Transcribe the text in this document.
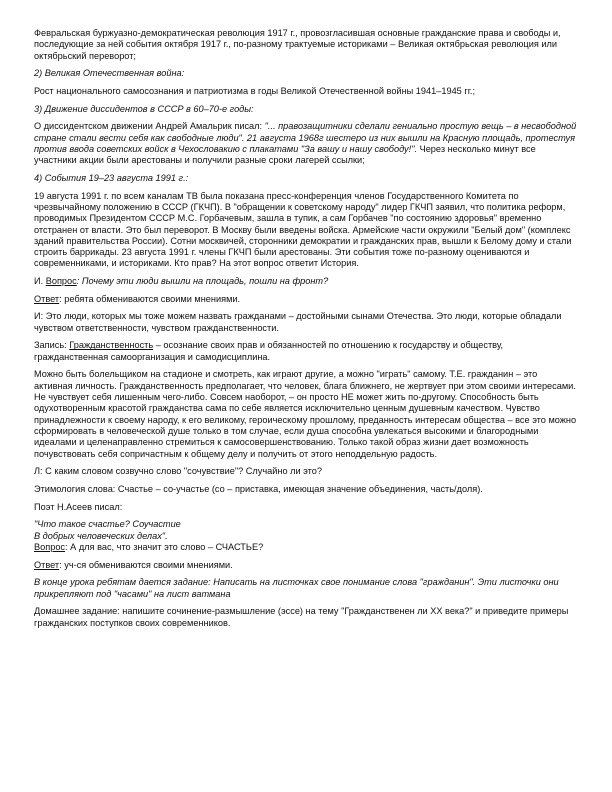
Февральская буржуазно-демократическая революция 1917 г., провозгласившая основные гражданские права и свободы и, последующие за ней события октября 1917 г., по-разному трактуемые историками – Великая октябрьская революция или октябрьский переворот;

2) Великая Отечественная война:

Рост национального самосознания и патриотизма в годы Великой Отечественной войны 1941–1945 гг.;

3) Движение диссидентов в СССР в 60–70-е годы:

О диссидентском движении Андрей Амальрик писал: "... правозащитники сделали гениально простую вещь – в несвободной стране стали вести себя как свободные люди". 21 августа 1968г шестеро из них вышли на Красную площадь, протестуя против ввода советских войск в Чехословакию с плакатами "За вашу и нашу свободу!". Через несколько минут все участники акции были арестованы и получили разные сроки лагерей ссылки;

4) События 19–23 августа 1991 г.:

19 августа 1991 г. по всем каналам ТВ была показана пресс-конференция членов Государственного Комитета по чрезвычайному положению в СССР (ГКЧП). В "обращении к советскому народу" лидер ГКЧП заявил, что политика реформ, проводимых Президентом СССР М.С. Горбачевым, зашла в тупик, а сам Горбачев "по состоянию здоровья" временно отстранен от власти. Это был переворот. В Москву были введены войска. Армейские части окружили "Белый дом" (комплекс зданий правительства России). Сотни москвичей, сторонники демократии и гражданских прав, вышли к Белому дому и стали строить баррикады. 23 августа 1991 г. члены ГКЧП были арестованы. Эти события тоже по-разному оцениваются и современниками, и историками. Кто прав? На этот вопрос ответит История.

И. Вопрос: Почему эти люди вышли на площадь, пошли на фронт?

Ответ: ребята обмениваются своими мнениями.

И: Это люди, которых мы тоже можем назвать гражданами – достойными сынами Отечества. Это люди, которые обладали чувством ответственности, чувством гражданственности.

Запись: Гражданственность – осознание своих прав и обязанностей по отношению к государству и обществу, гражданственная самоорганизация и самодисциплина.

Можно быть болельщиком на стадионе и смотреть, как играют другие, а можно "играть" самому. Т.Е. гражданин – это активная личность. Гражданственность предполагает, что человек, блага ближнего, не жертвует при этом своими интересами. Не чувствует себя лишенным чего-либо. Совсем наоборот, – он просто НЕ может жить по-другому. Способность быть одухотворенным красотой гражданства сама по себе является исключительно ценным душевным качеством. Чувство принадлежности к своему народу, к его великому, героическому прошлому, преданность интересам общества – все это можно сформировать в человеческой душе только в том случае, если душа способна увлекаться высокими и благородными идеалами и целенаправленно стремиться к самосовершенствованию. Только такой образ жизни дает возможность почувствовать себя сопричастным к общему делу и получить от этого неподдельную радость.

Л: С каким словом созвучно слово "сочувствие"? Случайно ли это?

Этимология слова: Счастье – со-участье (со – приставка, имеющая значение объединения, часть/доля).

Поэт Н.Асеев писал:

"Что такое счастье? Соучастие

В добрых человеческих делах".

Вопрос: А для вас, что значит это слово – СЧАСТЬЕ?

Ответ: уч-ся обмениваются своими мнениями.

В конце урока ребятам дается задание: Написать на листочках свое понимание слова "гражданин". Эти листочки они прикрепляют под "часами" на лист ватмана

Домашнее задание: напишите сочинение-размышление (эссе) на тему "Гражданственен ли XX века?" и приведите примеры гражданских поступков своих современников.
